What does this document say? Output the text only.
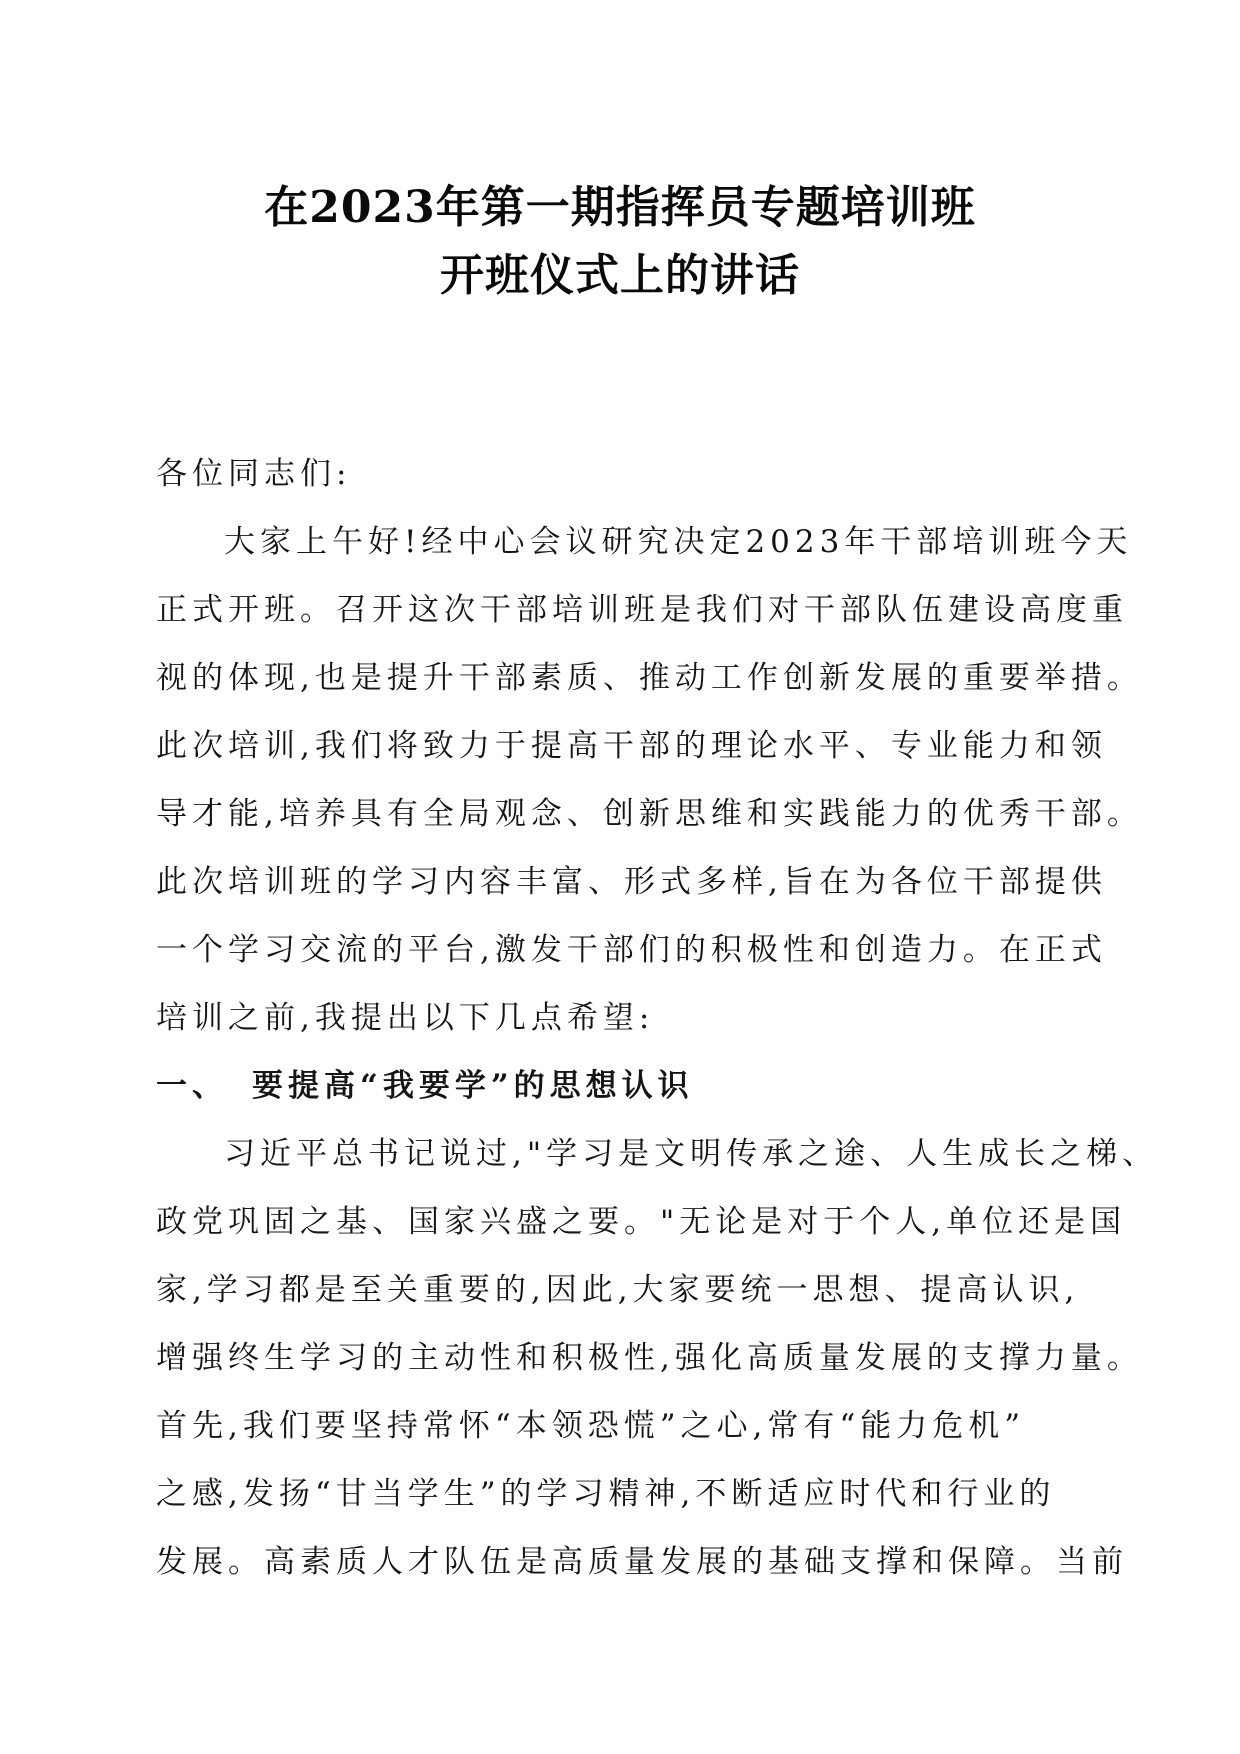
在2023年第一期指挥员专题培训班
开班仪式上的讲话
各位同志们:
大家上午好!经中心会议研究决定2023年干部培训班今天
正式开班。召开这次干部培训班是我们对干部队伍建设高度重
视的体现,也是提升干部素质、推动工作创新发展的重要举措。
此次培训,我们将致力于提高干部的理论水平、专业能力和领
导才能,培养具有全局观念、创新思维和实践能力的优秀干部。
此次培训班的学习内容丰富、形式多样,旨在为各位干部提供
一个学习交流的平台,激发干部们的积极性和创造力。在正式
培训之前,我提出以下几点希望:
一、 要提高“我要学”的思想认识
习近平总书记说过,"学习是文明传承之途、人生成长之梯、
政党巩固之基、国家兴盛之要。"无论是对于个人,单位还是国
家,学习都是至关重要的,因此,大家要统一思想、提高认识,
增强终生学习的主动性和积极性,强化高质量发展的支撑力量。
首先,我们要坚持常怀“本领恐慌”之心,常有“能力危机”
之感,发扬“甘当学生”的学习精神,不断适应时代和行业的
发展。高素质人才队伍是高质量发展的基础支撑和保障。当前
